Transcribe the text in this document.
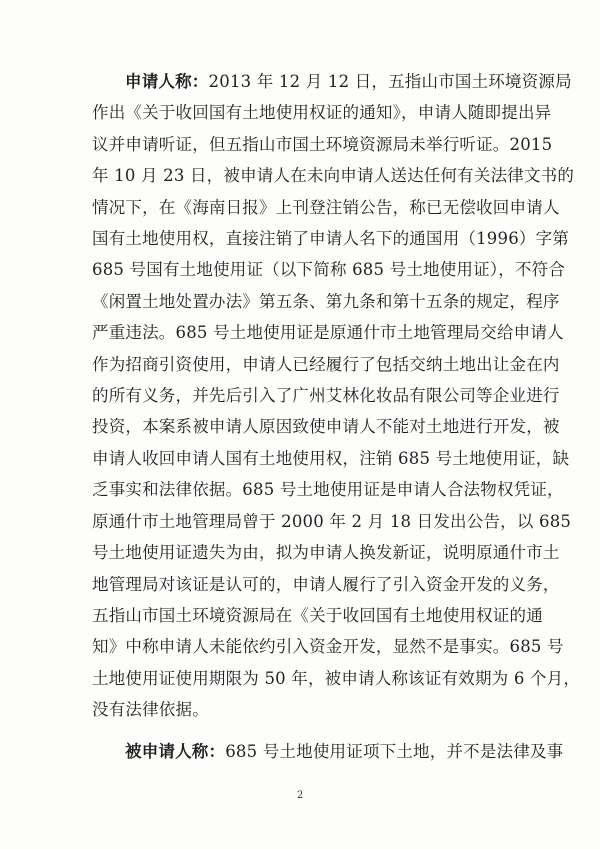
申请人称：2013 年 12 月 12 日，五指山市国土环境资源局
作出《关于收回国有土地使用权证的通知》，申请人随即提出异
议并申请听证，但五指山市国土环境资源局未举行听证。2015
年 10 月 23 日，被申请人在未向申请人送达任何有关法律文书的
情况下，在《海南日报》上刊登注销公告，称已无偿收回申请人
国有土地使用权，直接注销了申请人名下的通国用（1996）字第
685 号国有土地使用证（以下简称 685 号土地使用证），不符合
《闲置土地处置办法》第五条、第九条和第十五条的规定，程序
严重违法。685 号土地使用证是原通什市土地管理局交给申请人
作为招商引资使用，申请人已经履行了包括交纳土地出让金在内
的所有义务，并先后引入了广州艾林化妆品有限公司等企业进行
投资，本案系被申请人原因致使申请人不能对土地进行开发，被
申请人收回申请人国有土地使用权，注销 685 号土地使用证，缺
乏事实和法律依据。685 号土地使用证是申请人合法物权凭证，
原通什市土地管理局曾于 2000 年 2 月 18 日发出公告，以 685
号土地使用证遗失为由，拟为申请人换发新证，说明原通什市土
地管理局对该证是认可的，申请人履行了引入资金开发的义务，
五指山市国土环境资源局在《关于收回国有土地使用权证的通
知》中称申请人未能依约引入资金开发，显然不是事实。685 号
土地使用证使用期限为 50 年，被申请人称该证有效期为 6 个月，
没有法律依据。
被申请人称：685 号土地使用证项下土地，并不是法律及事
2
